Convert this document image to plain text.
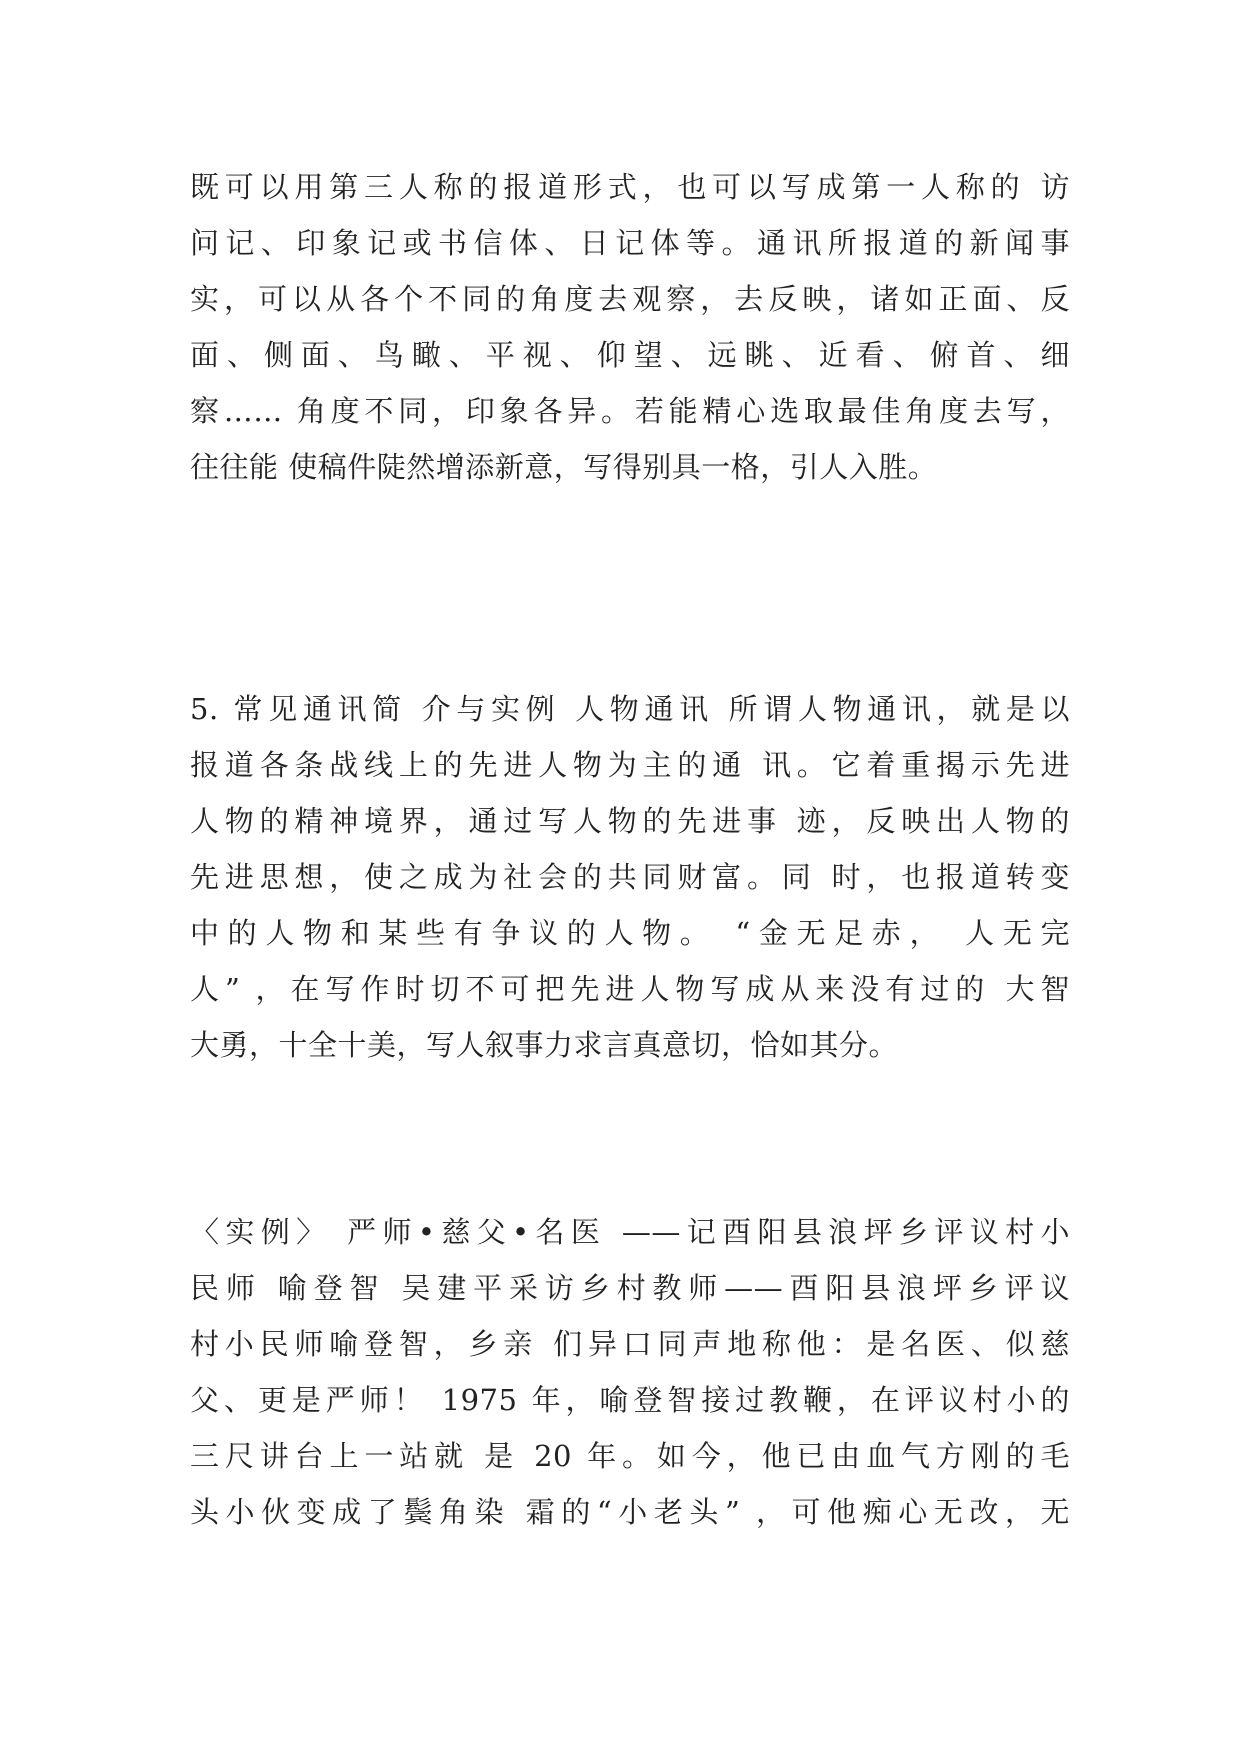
既可以用第三人称的报道形式，也可以写成第一人称的 访
问记、印象记或书信体、日记体等。通讯所报道的新闻事
实，可以从各个不同的角度去观察，去反映，诸如正面、反
面、侧面、鸟瞰、平视、仰望、远眺、近看、俯首、细
察…… 角度不同，印象各异。若能精心选取最佳角度去写，
往往能 使稿件陡然增添新意，写得别具一格，引人入胜。
5. 常见通讯简 介与实例 人物通讯 所谓人物通讯，就是以
报道各条战线上的先进人物为主的通 讯。它着重揭示先进
人物的精神境界，通过写人物的先进事 迹，反映出人物的
先进思想，使之成为社会的共同财富。同 时，也报道转变
中的人物和某些有争议的人物。 “金无足赤， 人无完
人” ，在写作时切不可把先进人物写成从来没有过的 大智
大勇，十全十美，写人叙事力求言真意切，恰如其分。
〈实例〉 严师•慈父•名医 ——记酉阳县浪坪乡评议村小
民师 喻登智 吴建平采访乡村教师——酉阳县浪坪乡评议
村小民师喻登智，乡亲 们异口同声地称他：是名医、似慈
父、更是严师！ 1975 年，喻登智接过教鞭，在评议村小的
三尺讲台上一站就 是 20 年。如今，他已由血气方刚的毛
头小伙变成了鬓角染 霜的“小老头” ，可他痴心无改，无
